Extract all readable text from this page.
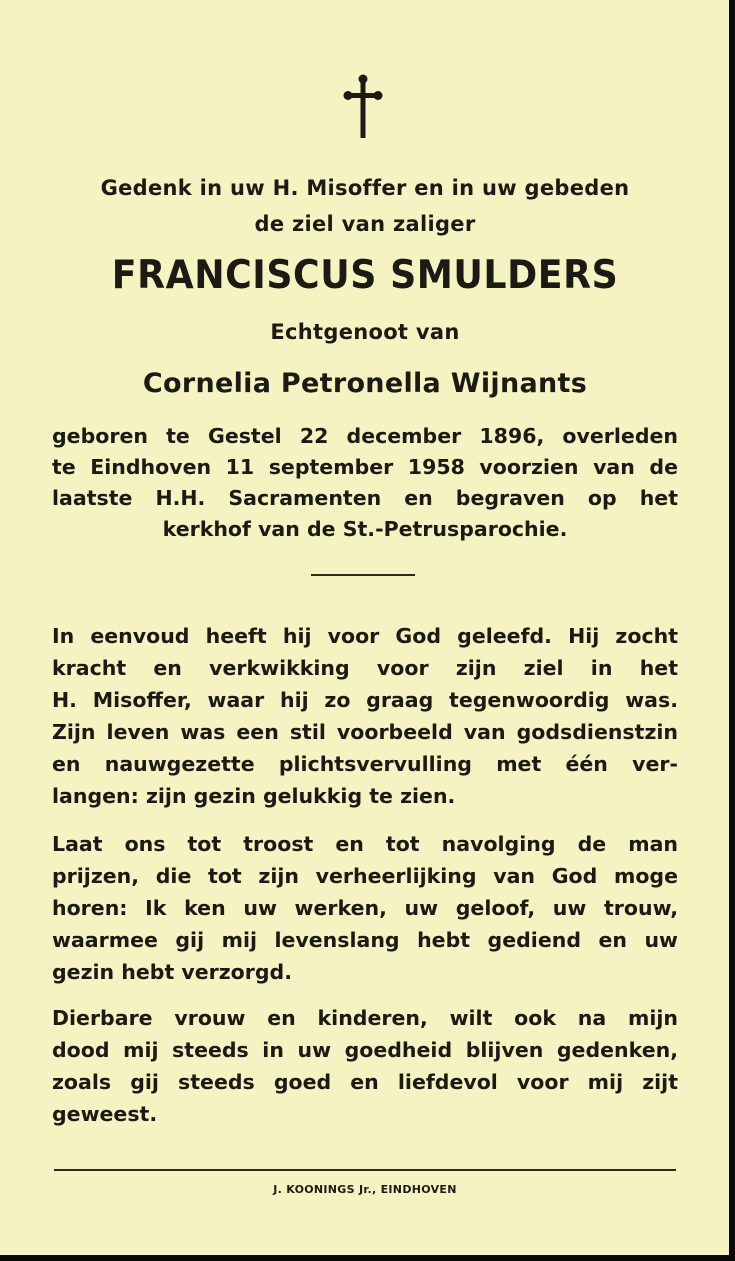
Gedenk in uw H. Misoffer en in uw gebeden
de ziel van zaliger
FRANCISCUS SMULDERS
Echtgenoot van
Cornelia Petronella Wijnants
geboren te Gestel 22 december 1896, overleden
te Eindhoven 11 september 1958 voorzien van de
laatste H.H. Sacramenten en begraven op het
kerkhof van de St.-Petrusparochie.
In eenvoud heeft hij voor God geleefd. Hij zocht
kracht en verkwikking voor zijn ziel in het
H. Misoffer, waar hij zo graag tegenwoordig was.
Zijn leven was een stil voorbeeld van godsdienstzin
en nauwgezette plichtsvervulling met één ver-
langen: zijn gezin gelukkig te zien.
Laat ons tot troost en tot navolging de man
prijzen, die tot zijn verheerlijking van God moge
horen: Ik ken uw werken, uw geloof, uw trouw,
waarmee gij mij levenslang hebt gediend en uw
gezin hebt verzorgd.
Dierbare vrouw en kinderen, wilt ook na mijn
dood mij steeds in uw goedheid blijven gedenken,
zoals gij steeds goed en liefdevol voor mij zijt
geweest.
J. KOONINGS Jr., EINDHOVEN
